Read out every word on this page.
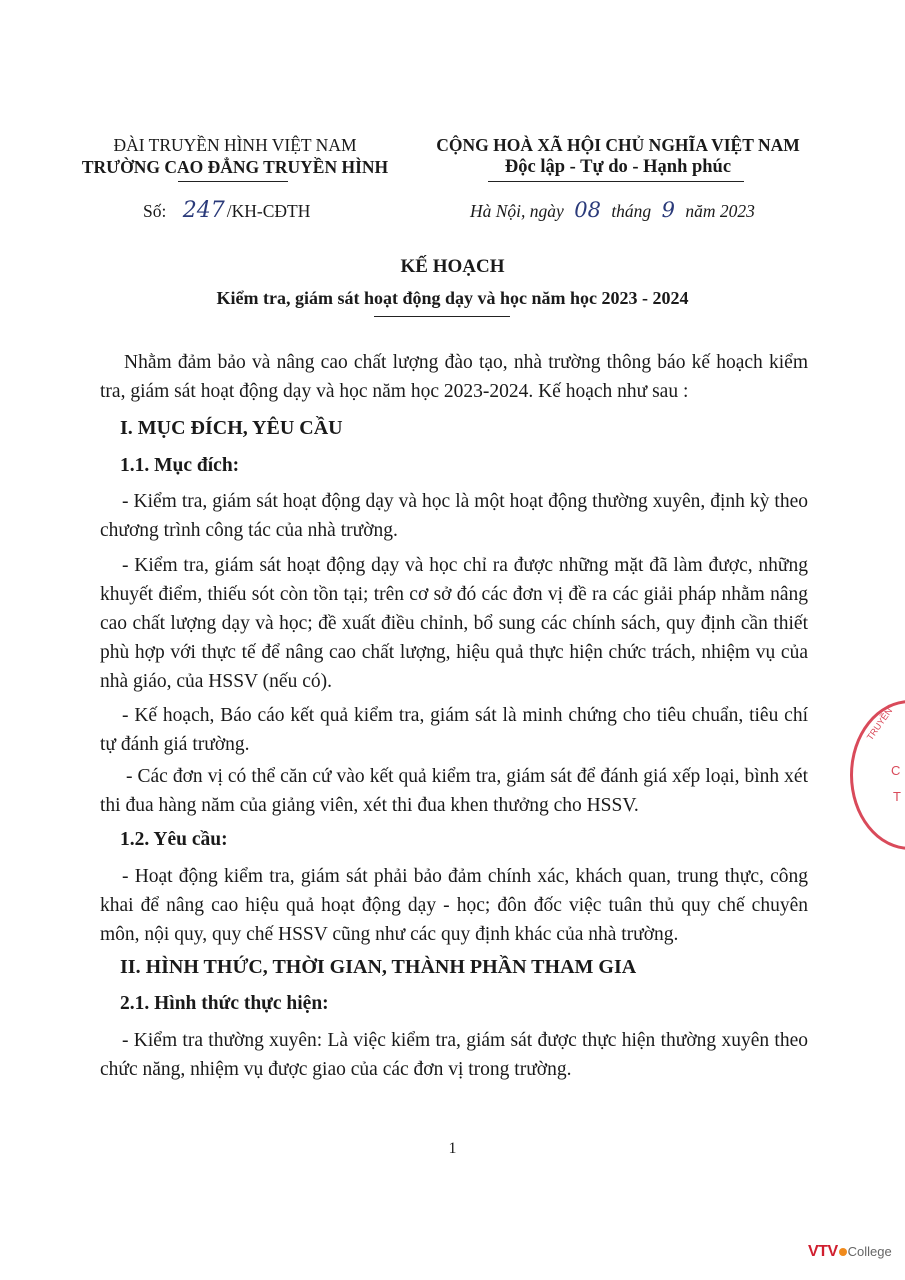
ĐÀI TRUYỀN HÌNH VIỆT NAM
TRƯỜNG CAO ĐẲNG TRUYỀN HÌNH
Số: 247 /KH-CĐTH
CỘNG HOÀ XÃ HỘI CHỦ NGHĨA VIỆT NAM
Độc lập - Tự do - Hạnh phúc
Hà Nội, ngày 08 tháng 9 năm 2023
KẾ HOẠCH
Kiểm tra, giám sát hoạt động dạy và học năm học 2023 - 2024
Nhằm đảm bảo và nâng cao chất lượng đào tạo, nhà trường thông báo kế hoạch kiểm tra, giám sát hoạt động dạy và học năm học 2023-2024. Kế hoạch như sau :
I. MỤC ĐÍCH, YÊU CẦU
1.1. Mục đích:
- Kiểm tra, giám sát hoạt động dạy và học là một hoạt động thường xuyên, định kỳ theo chương trình công tác của nhà trường.
- Kiểm tra, giám sát hoạt động dạy và học chỉ ra được những mặt đã làm được, những khuyết điểm, thiếu sót còn tồn tại; trên cơ sở đó các đơn vị đề ra các giải pháp nhằm nâng cao chất lượng dạy và học; đề xuất điều chỉnh, bổ sung các chính sách, quy định cần thiết phù hợp với thực tế để nâng cao chất lượng, hiệu quả thực hiện chức trách, nhiệm vụ của nhà giáo, của HSSV (nếu có).
- Kế hoạch, Báo cáo kết quả kiểm tra, giám sát là minh chứng cho tiêu chuẩn, tiêu chí tự đánh giá trường.
- Các đơn vị có thể căn cứ vào kết quả kiểm tra, giám sát để đánh giá xếp loại, bình xét thi đua hàng năm của giảng viên, xét thi đua khen thưởng cho HSSV.
1.2. Yêu cầu:
- Hoạt động kiểm tra, giám sát phải bảo đảm chính xác, khách quan, trung thực, công khai để nâng cao hiệu quả hoạt động dạy - học; đôn đốc việc tuân thủ quy chế chuyên môn, nội quy, quy chế HSSV cũng như các quy định khác của nhà trường.
II. HÌNH THỨC, THỜI GIAN, THÀNH PHẦN THAM GIA
2.1. Hình thức thực hiện:
- Kiểm tra thường xuyên: Là việc kiểm tra, giám sát được thực hiện thường xuyên theo chức năng, nhiệm vụ được giao của các đơn vị trong trường.
1
TRUYỀN
C
T
VTV College
